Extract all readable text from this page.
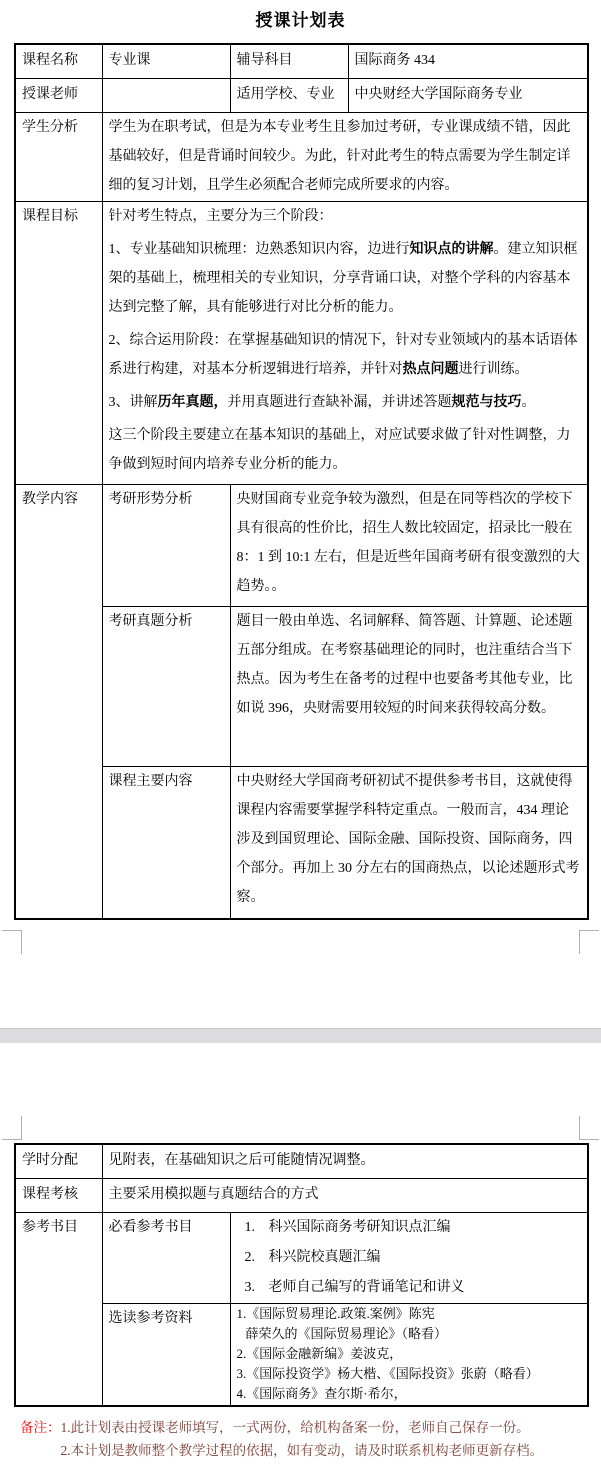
授课计划表
课程名称	专业课	辅导科目	国际商务 434
授课老师		适用学校、专业	中央财经大学国际商务专业
学生分析	学生为在职考试，但是为本专业考生且参加过考研，专业课成绩不错，因此基础较好，但是背诵时间较少。为此，针对此考生的特点需要为学生制定详细的复习计划，且学生必须配合老师完成所要求的内容。		
课程目标	针对考生特点，主要分为三个阶段：
1、专业基础知识梳理：边熟悉知识内容，边进行知识点的讲解。建立知识框架的基础上，梳理相关的专业知识，分享背诵口诀，对整个学科的内容基本达到完整了解，具有能够进行对比分析的能力。
2、综合运用阶段：在掌握基础知识的情况下，针对专业领域内的基本话语体系进行构建，对基本分析逻辑进行培养，并针对热点问题进行训练。
3、讲解历年真题，并用真题进行查缺补漏，并讲述答题规范与技巧。
这三个阶段主要建立在基本知识的基础上，对应试要求做了针对性调整，力争做到短时间内培养专业分析的能力。		

教学内容	考研形势分析	央财国商专业竞争较为激烈，但是在同等档次的学校下具有很高的性价比，招生人数比较固定，招录比一般在 8：1 到 10:1 左右，但是近些年国商考研有很变激烈的大趋势。。	
	考研真题分析	题目一般由单选、名词解释、简答题、计算题、论述题五部分组成。在考察基础理论的同时，也注重结合当下热点。因为考生在备考的过程中也要备考其他专业，比如说 396，央财需要用较短的时间来获得较高分数。	
	课程主要内容	中央财经大学国商考研初试不提供参考书目，这就使得课程内容需要掌握学科特定重点。一般而言，434 理论涉及到国贸理论、国际金融、国际投资、国际商务，四个部分。再加上 30 分左右的国商热点，以论述题形式考察。	
学时分配	见附表，在基础知识之后可能随情况调整。	
课程考核	主要采用模拟题与真题结合的方式	
参考书目	必看参考书目	1. 科兴国际商务考研知识点汇编
2. 科兴院校真题汇编
3. 老师自己编写的背诵笔记和讲义

	选读参考资料	1.《国际贸易理论.政策.案例》陈宪
薛荣久的《国际贸易理论》（略看）
2.《国际金融新编》姜波克，
3.《国际投资学》杨大楷、《国际投资》张蔚（略看）
4.《国际商务》查尔斯·希尔，
备注： 1.此计划表由授课老师填写，一式两份，给机构备案一份，老师自己保存一份。
2.本计划是教师整个教学过程的依据，如有变动，请及时联系机构老师更新存档。
